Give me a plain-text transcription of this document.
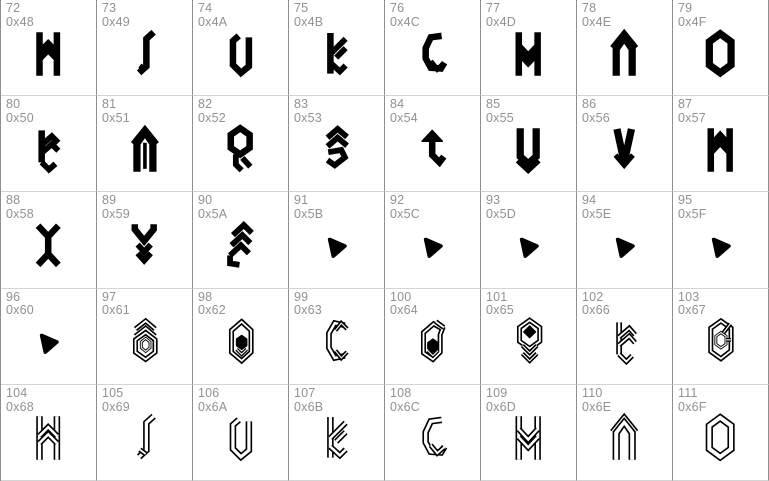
72
0x48
73
0x49
74
0x4A
75
0x4B
76
0x4C
77
0x4D
78
0x4E
79
0x4F
80
0x50
81
0x51
82
0x52
83
0x53
84
0x54
85
0x55
86
0x56
87
0x57
88
0x58
89
0x59
90
0x5A
91
0x5B
92
0x5C
93
0x5D
94
0x5E
95
0x5F
96
0x60
97
0x61
98
0x62
99
0x63
100
0x64
101
0x65
102
0x66
103
0x67
104
0x68
105
0x69
106
0x6A
107
0x6B
108
0x6C
109
0x6D
110
0x6E
111
0x6F
